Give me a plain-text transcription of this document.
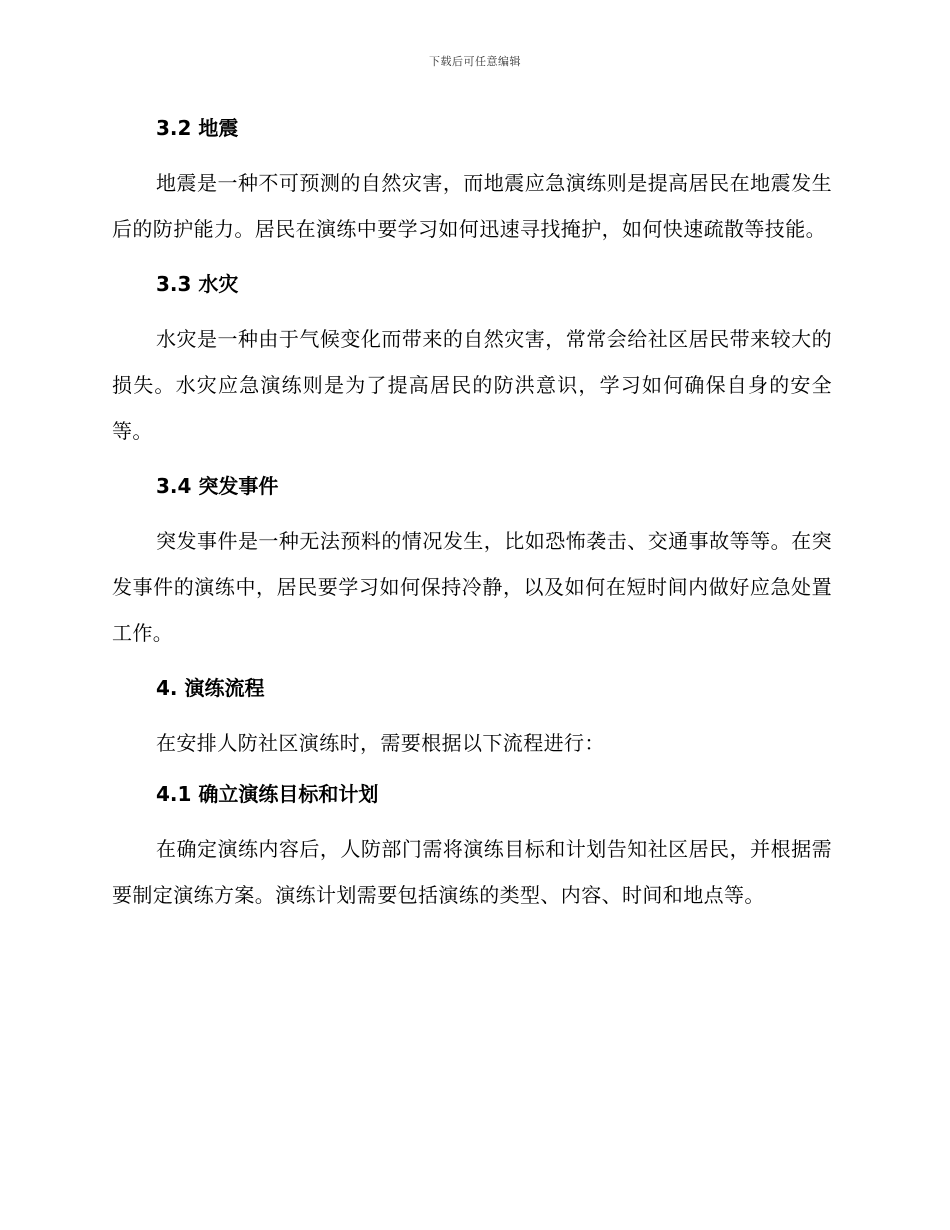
下载后可任意编辑
3.2 地震

地震是一种不可预测的自然灾害，而地震应急演练则是提高居民在地震发生后的防护能力。居民在演练中要学习如何迅速寻找掩护，如何快速疏散等技能。

3.3 水灾

水灾是一种由于气候变化而带来的自然灾害，常常会给社区居民带来较大的损失。水灾应急演练则是为了提高居民的防洪意识，学习如何确保自身的安全等。

3.4 突发事件

突发事件是一种无法预料的情况发生，比如恐怖袭击、交通事故等等。在突发事件的演练中，居民要学习如何保持冷静，以及如何在短时间内做好应急处置工作。

4. 演练流程

在安排人防社区演练时，需要根据以下流程进行：

4.1 确立演练目标和计划

在确定演练内容后，人防部门需将演练目标和计划告知社区居民，并根据需要制定演练方案。演练计划需要包括演练的类型、内容、时间和地点等。
